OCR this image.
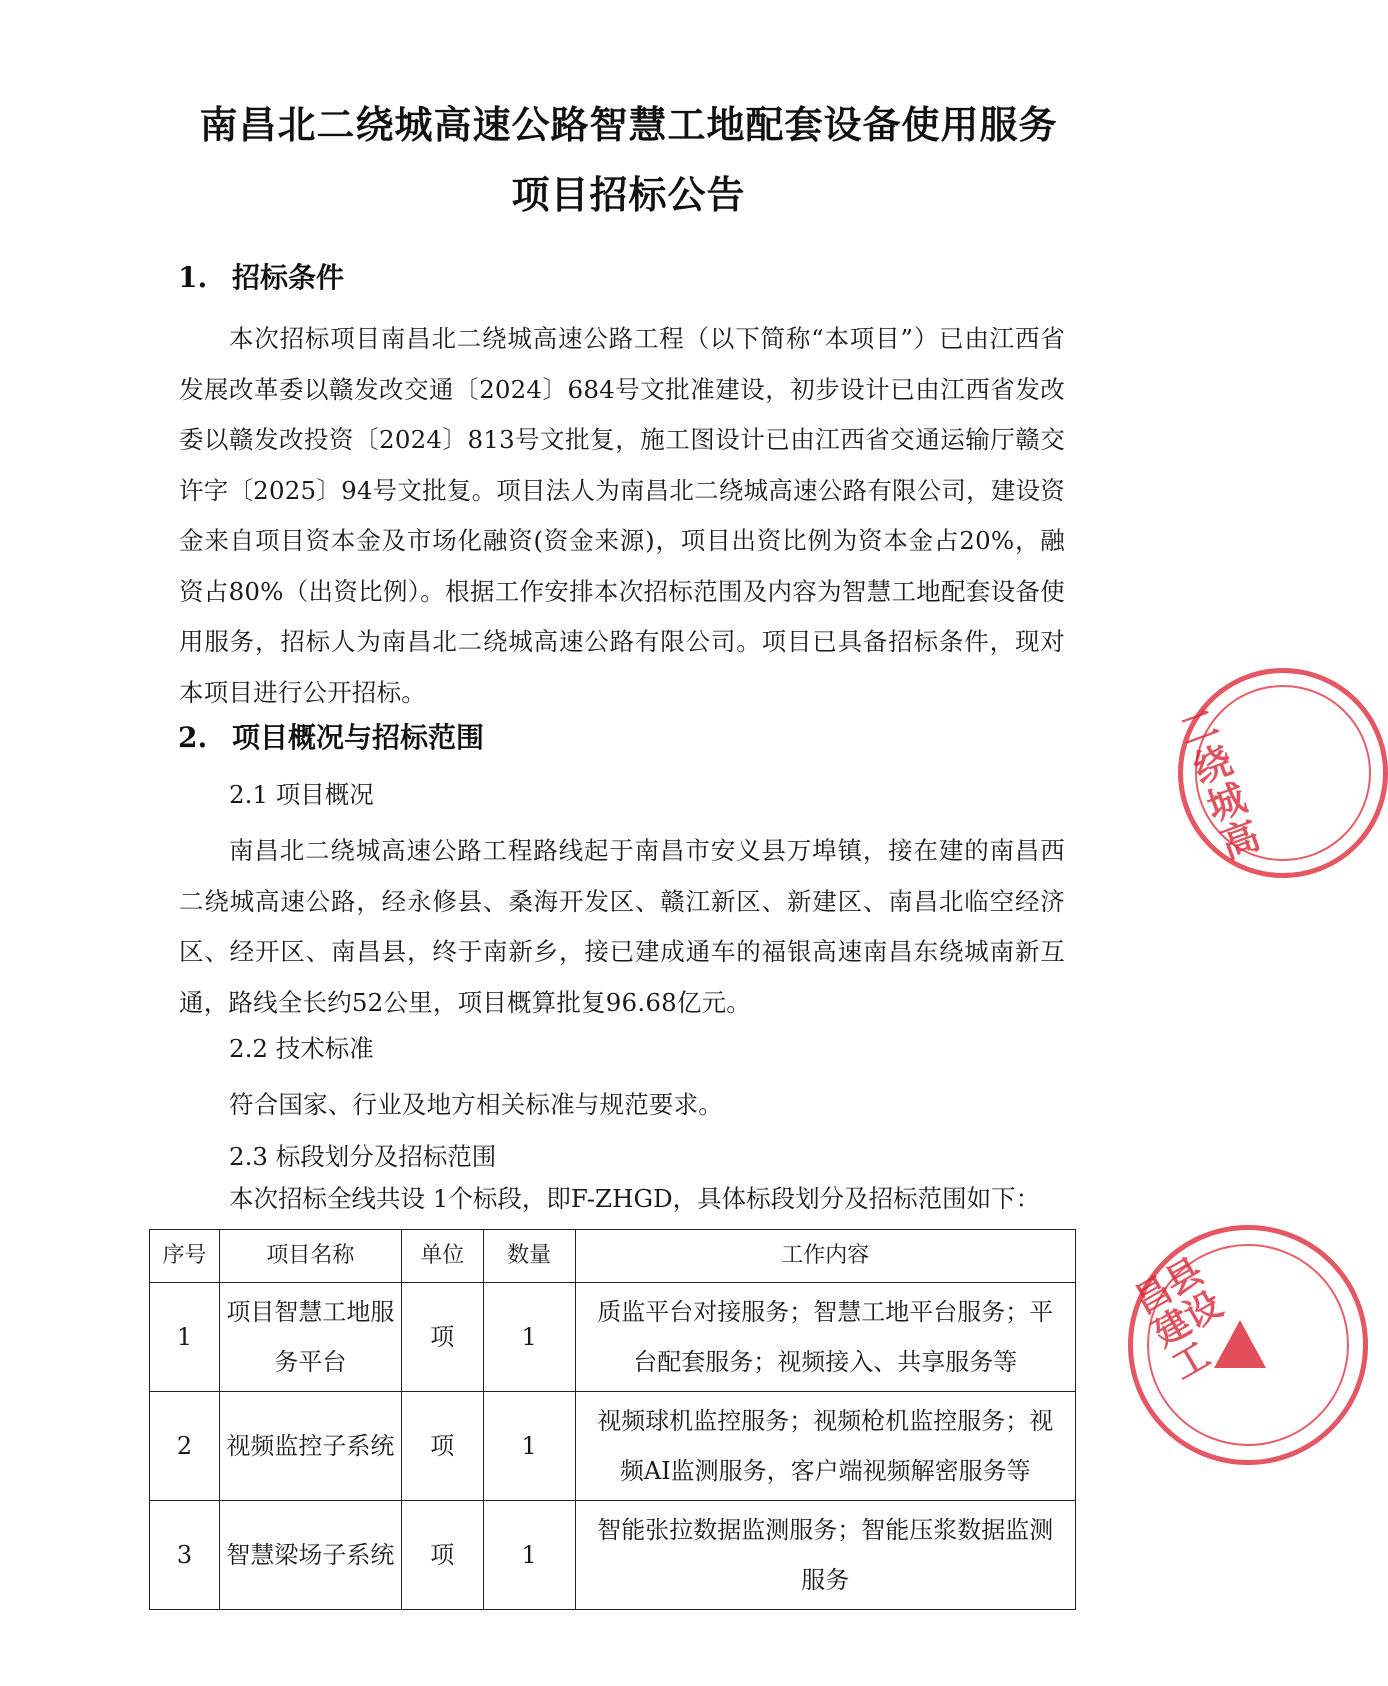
南昌北二绕城高速公路智慧工地配套设备使用服务
项目招标公告
1. 招标条件
本次招标项目南昌北二绕城高速公路工程（以下简称“本项目”）已由江西省发展改革委以赣发改交通〔2024〕684号文批准建设，初步设计已由江西省发改委以赣发改投资〔2024〕813号文批复，施工图设计已由江西省交通运输厅赣交许字〔2025〕94号文批复。项目法人为南昌北二绕城高速公路有限公司，建设资金来自项目资本金及市场化融资(资金来源)，项目出资比例为资本金占20%，融资占80%（出资比例）。根据工作安排本次招标范围及内容为智慧工地配套设备使用服务，招标人为南昌北二绕城高速公路有限公司。项目已具备招标条件，现对本项目进行公开招标。
2. 项目概况与招标范围
2.1 项目概况
南昌北二绕城高速公路工程路线起于南昌市安义县万埠镇，接在建的南昌西二绕城高速公路，经永修县、桑海开发区、赣江新区、新建区、南昌北临空经济区、经开区、南昌县，终于南新乡，接已建成通车的福银高速南昌东绕城南新互通，路线全长约52公里，项目概算批复96.68亿元。
2.2 技术标准
符合国家、行业及地方相关标准与规范要求。
2.3 标段划分及招标范围
本次招标全线共设 1个标段，即F-ZHGD，具体标段划分及招标范围如下：
序号	项目名称	单位	数量	工作内容
1	项目智慧工地服务平台	项	1	质监平台对接服务；智慧工地平台服务；平台配套服务；视频接入、共享服务等
2	视频监控子系统	项	1	视频球机监控服务；视频枪机监控服务；视频AI监测服务，客户端视频解密服务等
3	智慧梁场子系统	项	1	智能张拉数据监测服务；智能压浆数据监测服务
二绕城高
昌县建设工
